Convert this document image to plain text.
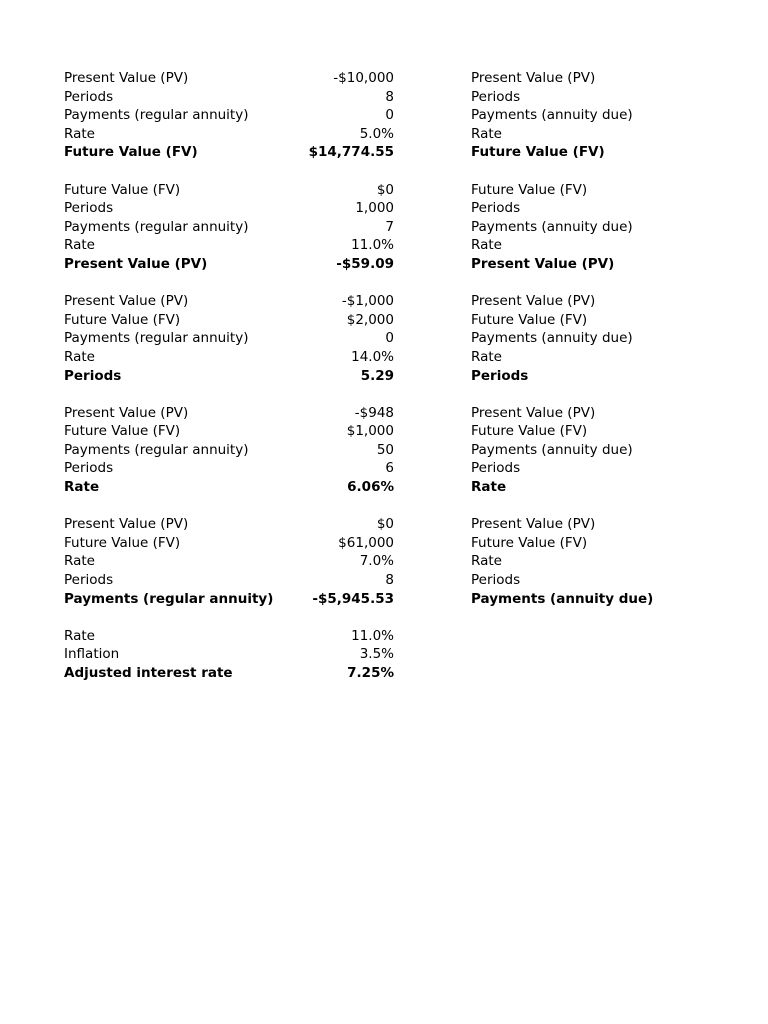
Present Value (PV)	-$10,000
Periods	8
Payments (regular annuity)	0
Rate	5.0%
Future Value (FV)	$14,774.55
Future Value (FV)	$0
Periods	1,000
Payments (regular annuity)	7
Rate	11.0%
Present Value (PV)	-$59.09
Present Value (PV)	-$1,000
Future Value (FV)	$2,000
Payments (regular annuity)	0
Rate	14.0%
Periods	5.29
Present Value (PV)	-$948
Future Value (FV)	$1,000
Payments (regular annuity)	50
Periods	6
Rate	6.06%
Present Value (PV)	$0
Future Value (FV)	$61,000
Rate	7.0%
Periods	8
Payments (regular annuity)	-$5,945.53
Rate	11.0%
Inflation	3.5%
Adjusted interest rate	7.25%
Present Value (PV)
Periods
Payments (annuity due)
Rate
Future Value (FV)
Future Value (FV)
Periods
Payments (annuity due)
Rate
Present Value (PV)
Present Value (PV)
Future Value (FV)
Payments (annuity due)
Rate
Periods
Present Value (PV)
Future Value (FV)
Payments (annuity due)
Periods
Rate
Present Value (PV)
Future Value (FV)
Rate
Periods
Payments (annuity due)
